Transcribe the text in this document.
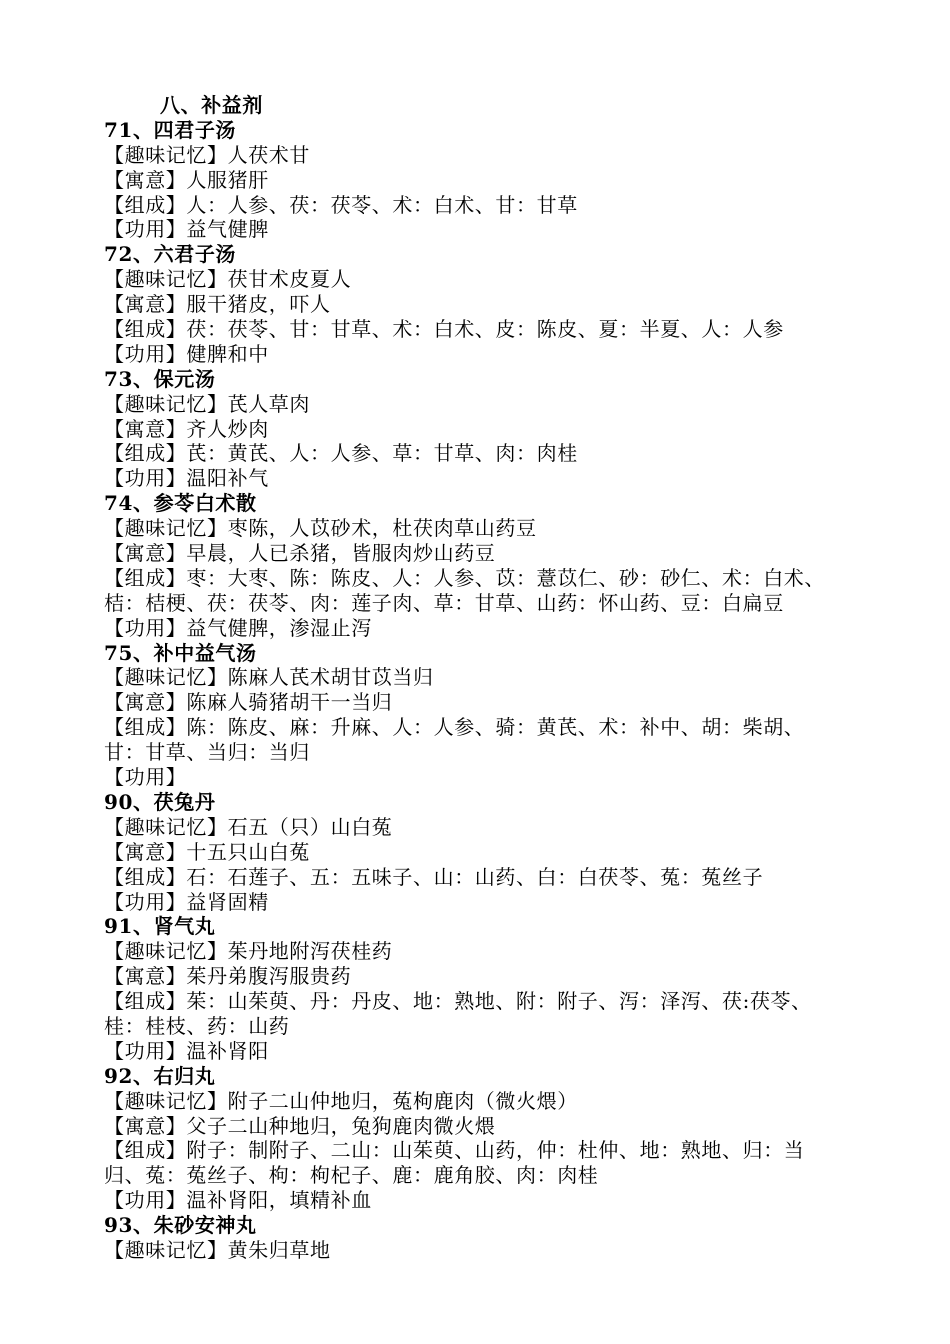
八、补益剂
71、四君子汤
【趣味记忆】人茯术甘
【寓意】人服猪肝
【组成】人：人参、茯：茯苓、术：白术、甘：甘草
【功用】益气健脾
72、六君子汤
【趣味记忆】茯甘术皮夏人
【寓意】服干猪皮，吓人
【组成】茯：茯苓、甘：甘草、术：白术、皮：陈皮、夏：半夏、人：人参
【功用】健脾和中
73、保元汤
【趣味记忆】芪人草肉
【寓意】齐人炒肉
【组成】芪：黄芪、人：人参、草：甘草、肉：肉桂
【功用】温阳补气
74、参苓白术散
【趣味记忆】枣陈，人苡砂术，杜茯肉草山药豆
【寓意】早晨，人已杀猪，皆服肉炒山药豆
【组成】枣：大枣、陈：陈皮、人：人参、苡：薏苡仁、砂：砂仁、术：白术、
桔：桔梗、茯：茯苓、肉：莲子肉、草：甘草、山药：怀山药、豆：白扁豆
【功用】益气健脾，渗湿止泻
75、补中益气汤
【趣味记忆】陈麻人芪术胡甘苡当归
【寓意】陈麻人骑猪胡干一当归
【组成】陈：陈皮、麻：升麻、人：人参、骑：黄芪、术：补中、胡：柴胡、
甘：甘草、当归：当归
【功用】
90、茯兔丹
【趣味记忆】石五（只）山白菟
【寓意】十五只山白菟
【组成】石：石莲子、五：五味子、山：山药、白：白茯苓、菟：菟丝子
【功用】益肾固精
91、肾气丸
【趣味记忆】茱丹地附泻茯桂药
【寓意】茱丹弟腹泻服贵药
【组成】茱：山茱萸、丹：丹皮、地：熟地、附：附子、泻：泽泻、茯:茯苓、
桂：桂枝、药：山药
【功用】温补肾阳
92、右归丸
【趣味记忆】附子二山仲地归，菟枸鹿肉（微火煨）
【寓意】父子二山种地归，兔狗鹿肉微火煨
【组成】附子：制附子、二山：山茱萸、山药，仲：杜仲、地：熟地、归：当
归、菟：菟丝子、枸：枸杞子、鹿：鹿角胶、肉：肉桂
【功用】温补肾阳，填精补血
93、朱砂安神丸
【趣味记忆】黄朱归草地
